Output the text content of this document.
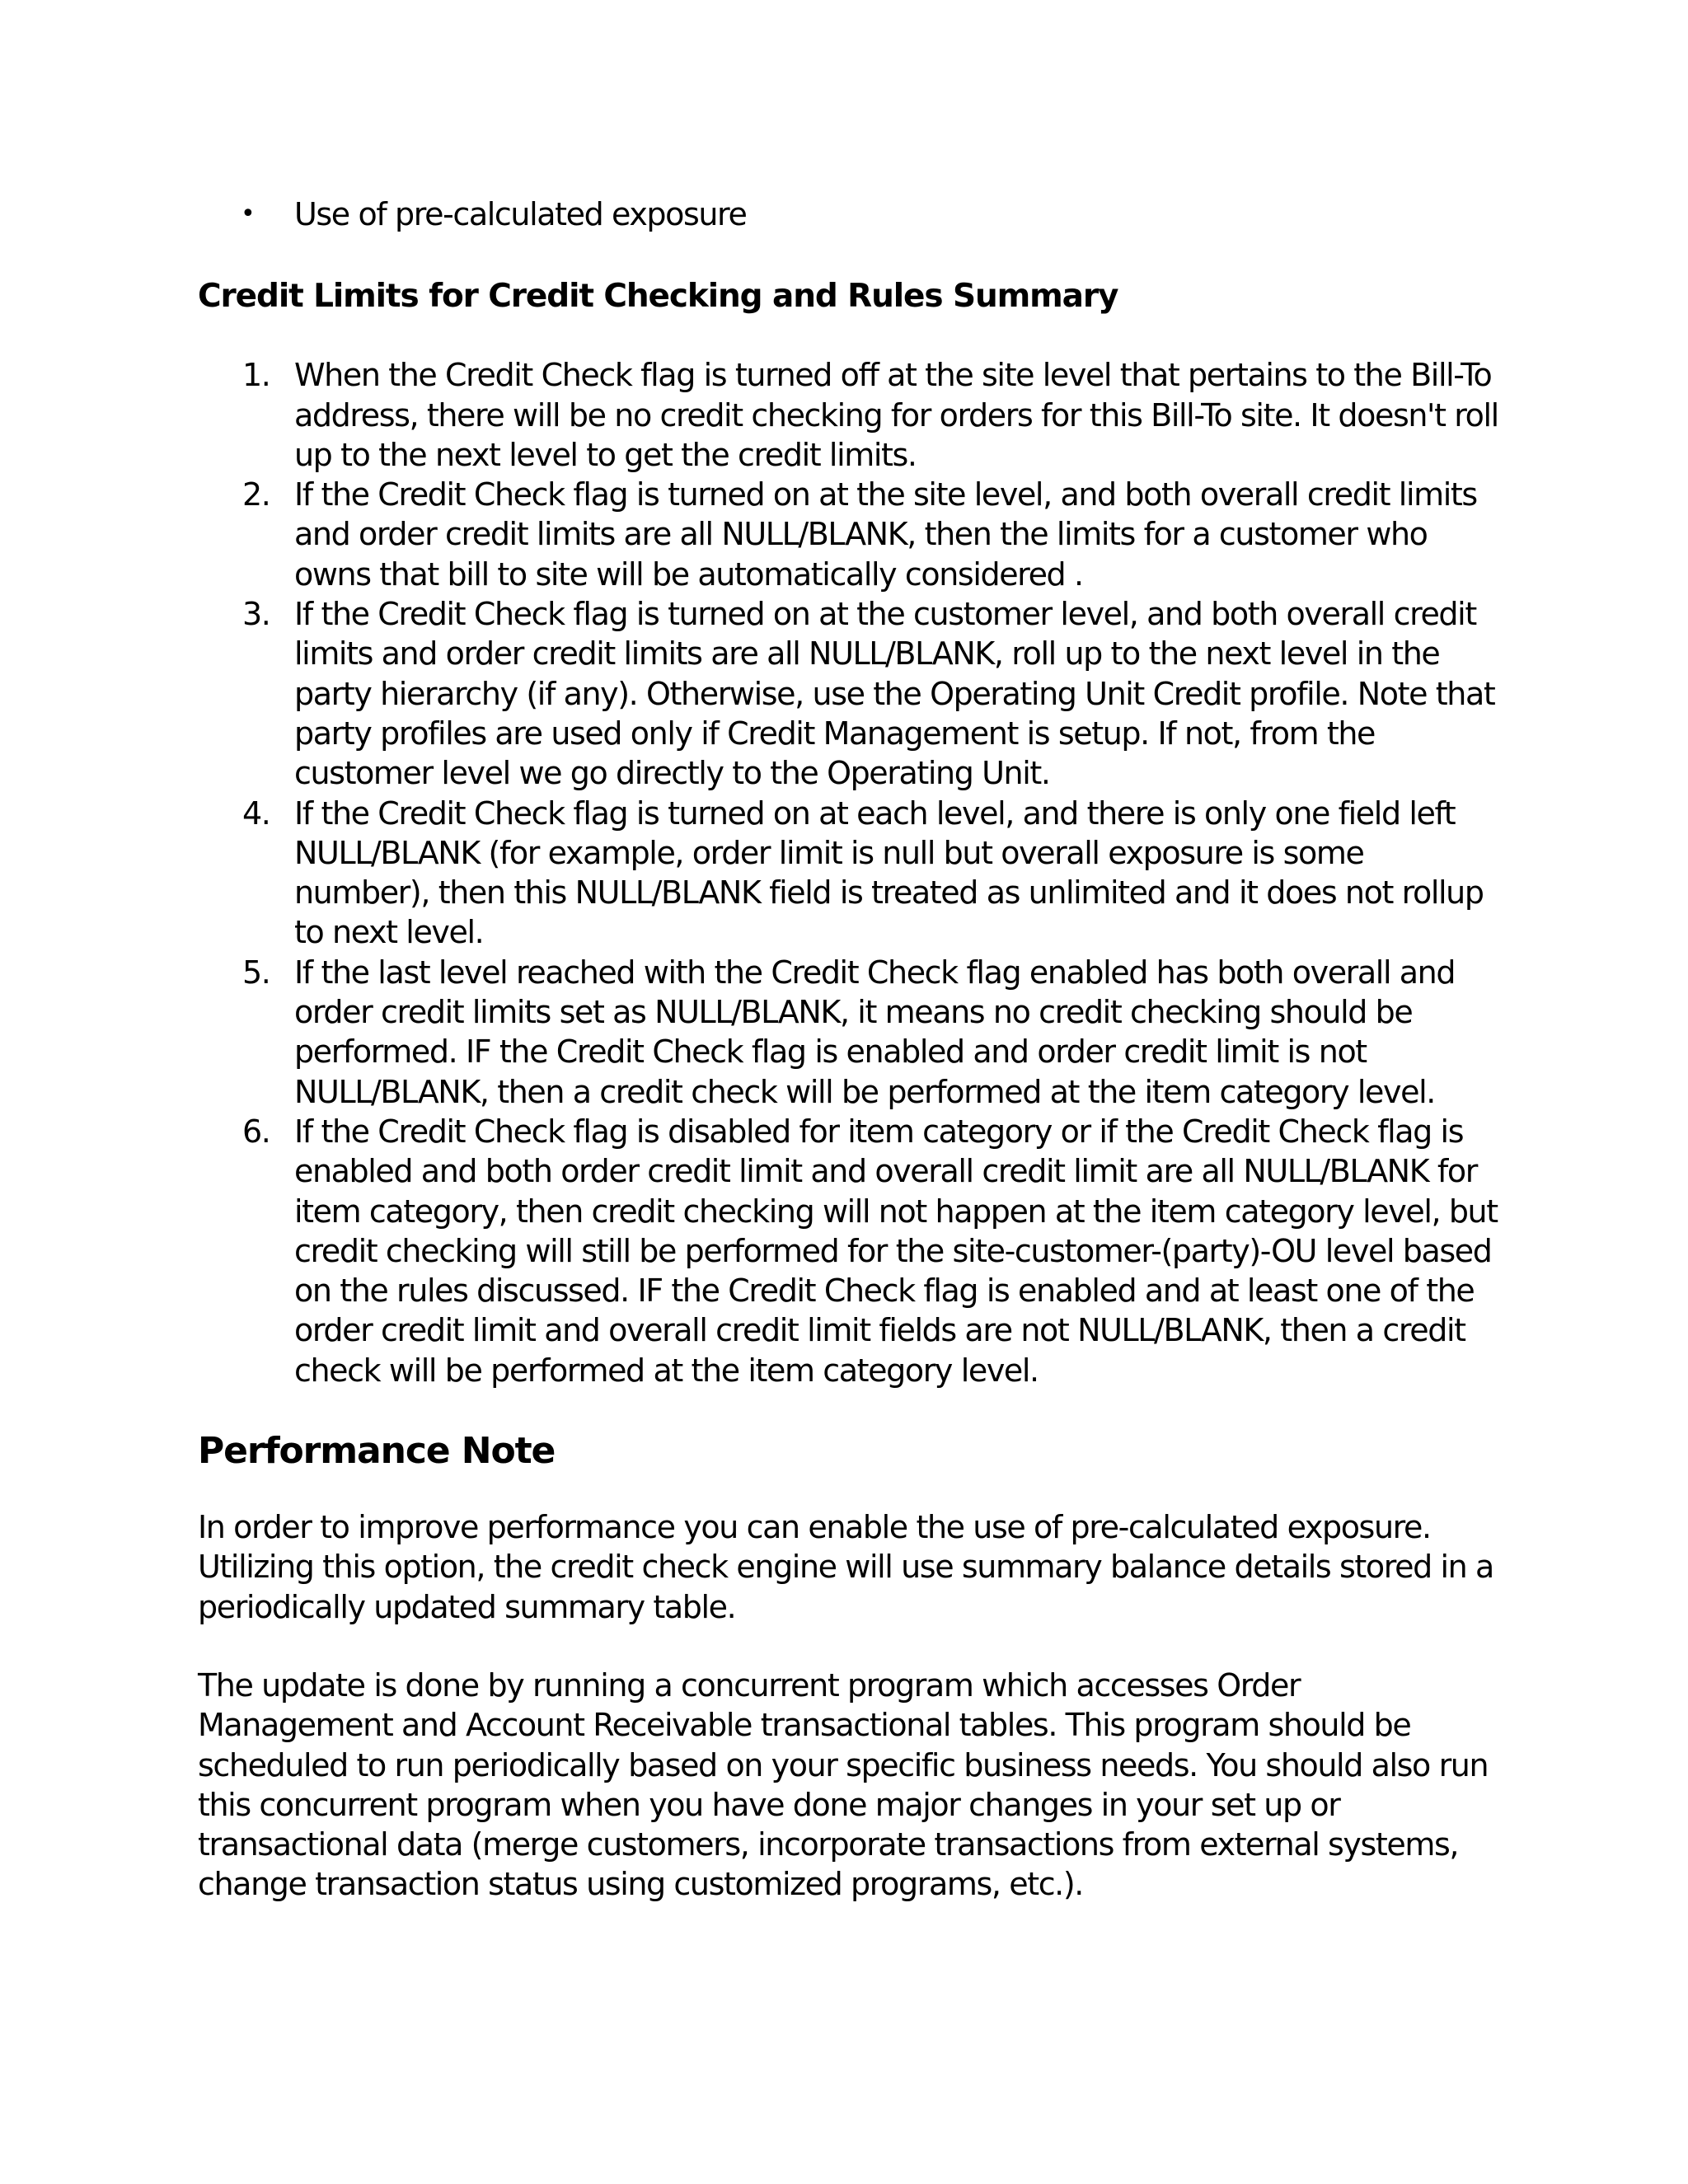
• Use of pre-calculated exposure
Credit Limits for Credit Checking and Rules Summary
1. When the Credit Check flag is turned off at the site level that pertains to the Bill-To address, there will be no credit checking for orders for this Bill-To site. It doesn't roll up to the next level to get the credit limits.
2. If the Credit Check flag is turned on at the site level, and both overall credit limits and order credit limits are all NULL/BLANK, then the limits for a customer who owns that bill to site will be automatically considered .
3. If the Credit Check flag is turned on at the customer level, and both overall credit limits and order credit limits are all NULL/BLANK, roll up to the next level in the party hierarchy (if any). Otherwise, use the Operating Unit Credit profile. Note that party profiles are used only if Credit Management is setup. If not, from the customer level we go directly to the Operating Unit.
4. If the Credit Check flag is turned on at each level, and there is only one field left NULL/BLANK (for example, order limit is null but overall exposure is some number), then this NULL/BLANK field is treated as unlimited and it does not rollup to next level.
5. If the last level reached with the Credit Check flag enabled has both overall and order credit limits set as NULL/BLANK, it means no credit checking should be performed. IF the Credit Check flag is enabled and order credit limit is not NULL/BLANK, then a credit check will be performed at the item category level.
6. If the Credit Check flag is disabled for item category or if the Credit Check flag is enabled and both order credit limit and overall credit limit are all NULL/BLANK for item category, then credit checking will not happen at the item category level, but credit checking will still be performed for the site-customer-(party)-OU level based on the rules discussed. IF the Credit Check flag is enabled and at least one of the order credit limit and overall credit limit fields are not NULL/BLANK, then a credit check will be performed at the item category level.
Performance Note

In order to improve performance you can enable the use of pre-calculated exposure. Utilizing this option, the credit check engine will use summary balance details stored in a periodically updated summary table.

The update is done by running a concurrent program which accesses Order Management and Account Receivable transactional tables. This program should be scheduled to run periodically based on your specific business needs. You should also run this concurrent program when you have done major changes in your set up or transactional data (merge customers, incorporate transactions from external systems, change transaction status using customized programs, etc.).
